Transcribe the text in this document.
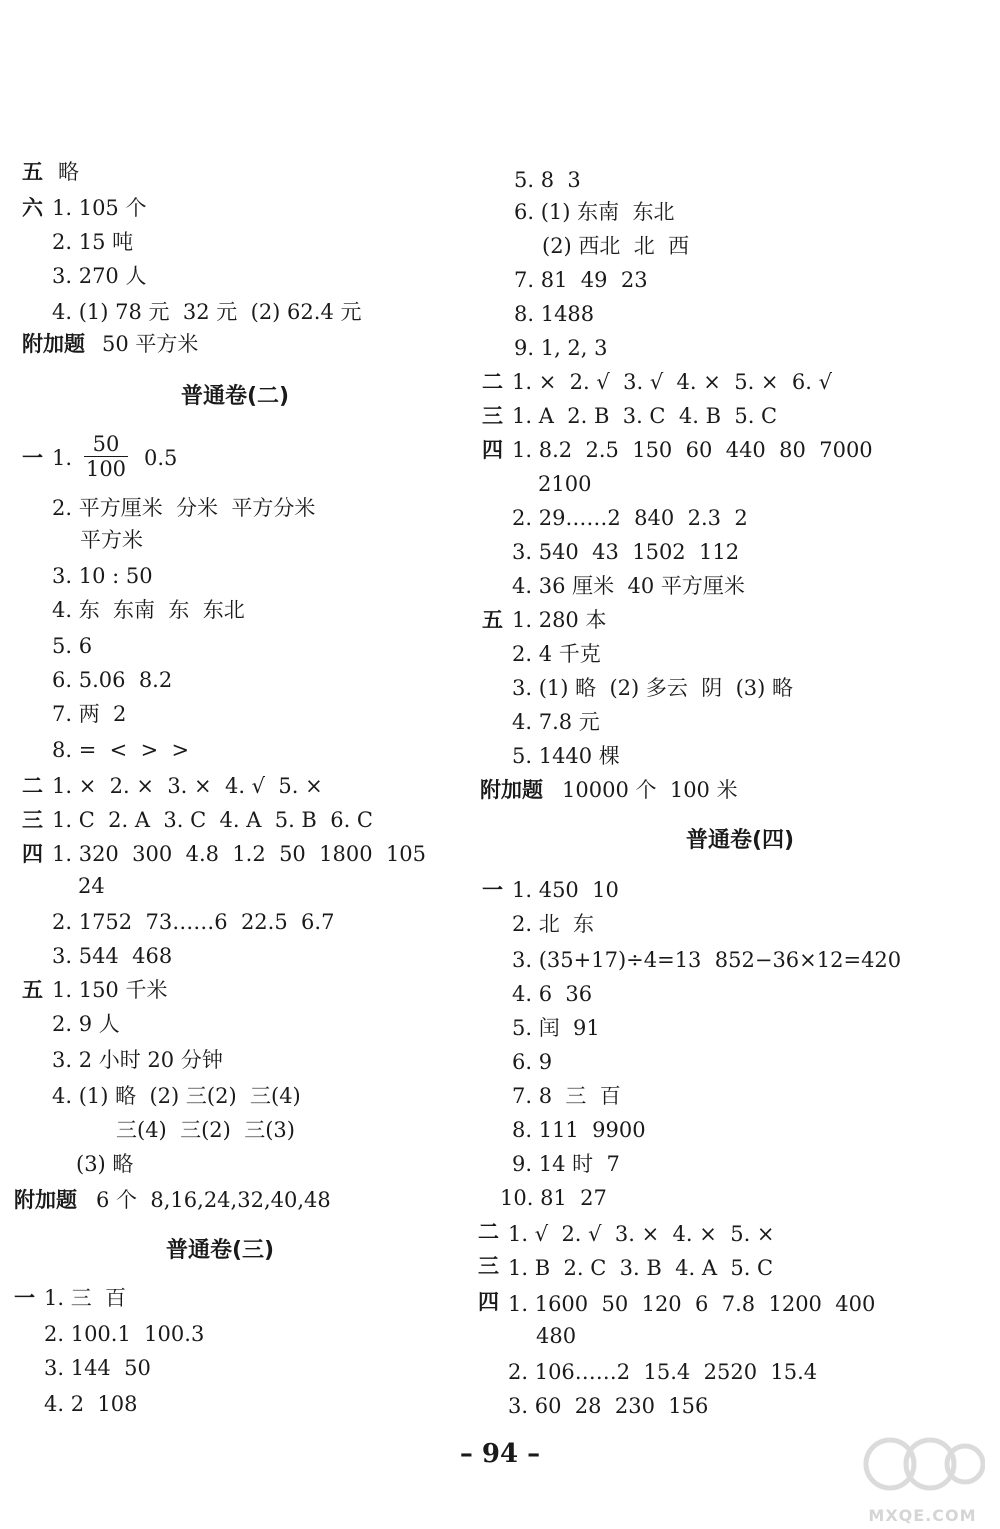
五 略
六 1. 105 个
2. 15 吨
3. 270 人
4. (1) 78 元  32 元  (2) 62.4 元
附加题 50 平方米
普通卷(二)
一 1.
50
100 0.5
2. 平方厘米  分米  平方分米
平方米
3. 10 : 50
4. 东  东南  东  东北
5. 6
6. 5.06  8.2
7. 两  2
8. =  <  >  >
二 1. ×  2. ×  3. ×  4. √  5. ×
三 1. C  2. A  3. C  4. A  5. B  6. C
四 1. 320  300  4.8  1.2  50  1800  105
24
2. 1752  73……6  22.5  6.7
3. 544  468
五 1. 150 千米
2. 9 人
3. 2 小时 20 分钟
4. (1) 略  (2) 三(2)  三(4)
三(4)  三(2)  三(3)
(3) 略
附加题 6 个  8,16,24,32,40,48
普通卷(三)
一 1. 三  百
2. 100.1  100.3
3. 144  50
4. 2  108
5. 8  3
6. (1) 东南  东北
(2) 西北  北  西
7. 81  49  23
8. 1488
9. 1, 2, 3
二 1. ×  2. √  3. √  4. ×  5. ×  6. √
三 1. A  2. B  3. C  4. B  5. C
四 1. 8.2  2.5  150  60  440  80  7000
2100
2. 29……2  840  2.3  2
3. 540  43  1502  112
4. 36 厘米  40 平方厘米
五 1. 280 本
2. 4 千克
3. (1) 略  (2) 多云  阴  (3) 略
4. 7.8 元
5. 1440 棵
附加题 10000 个  100 米
普通卷(四)
一 1. 450  10
2. 北  东
3. (35+17)÷4=13  852−36×12=420
4. 6  36
5. 闰  91
6. 9
7. 8  三  百
8. 111  9900
9. 14 时  7
10. 81  27
二 1. √  2. √  3. ×  4. ×  5. ×
三 1. B  2. C  3. B  4. A  5. C
四 1. 1600  50  120  6  7.8  1200  400
480
2. 106……2  15.4  2520  15.4
3. 60  28  230  156
– 94 –
MXQE.COM
